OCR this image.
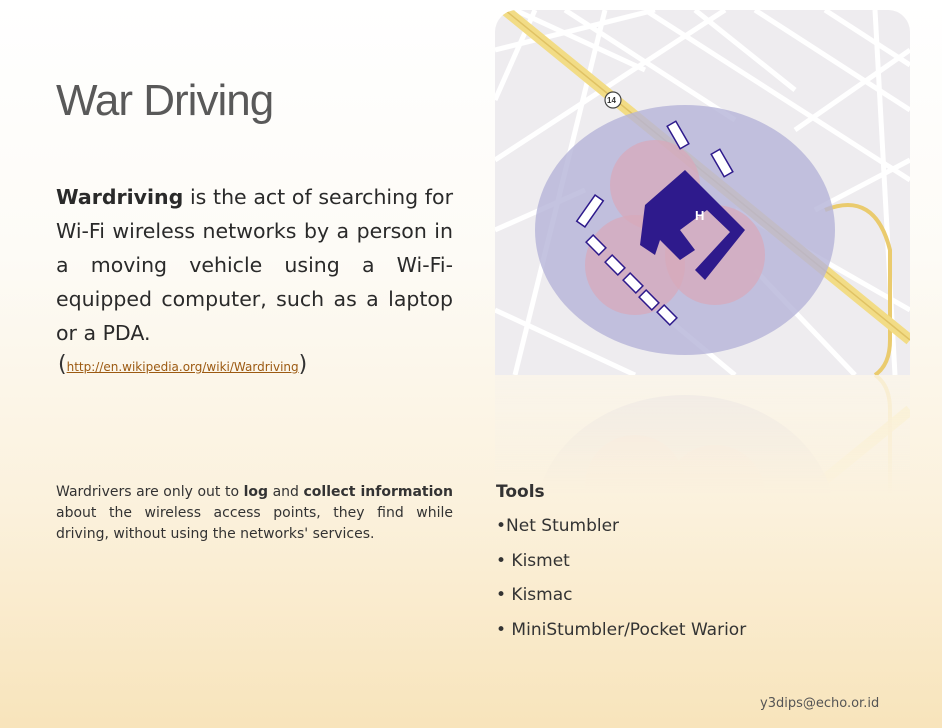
War Driving
Wardriving is the act of searching for Wi-Fi wireless networks by a person in a moving vehicle using a Wi-Fi-equipped computer, such as a laptop or a PDA.
(http://en.wikipedia.org/wiki/Wardriving)
H
14
Wardrivers are only out to log and collect information about the wireless access points, they find while driving, without using the networks' services.
Tools
•Net Stumbler
• Kismet
• Kismac
• MiniStumbler/Pocket Warior
y3dips@echo.or.id
